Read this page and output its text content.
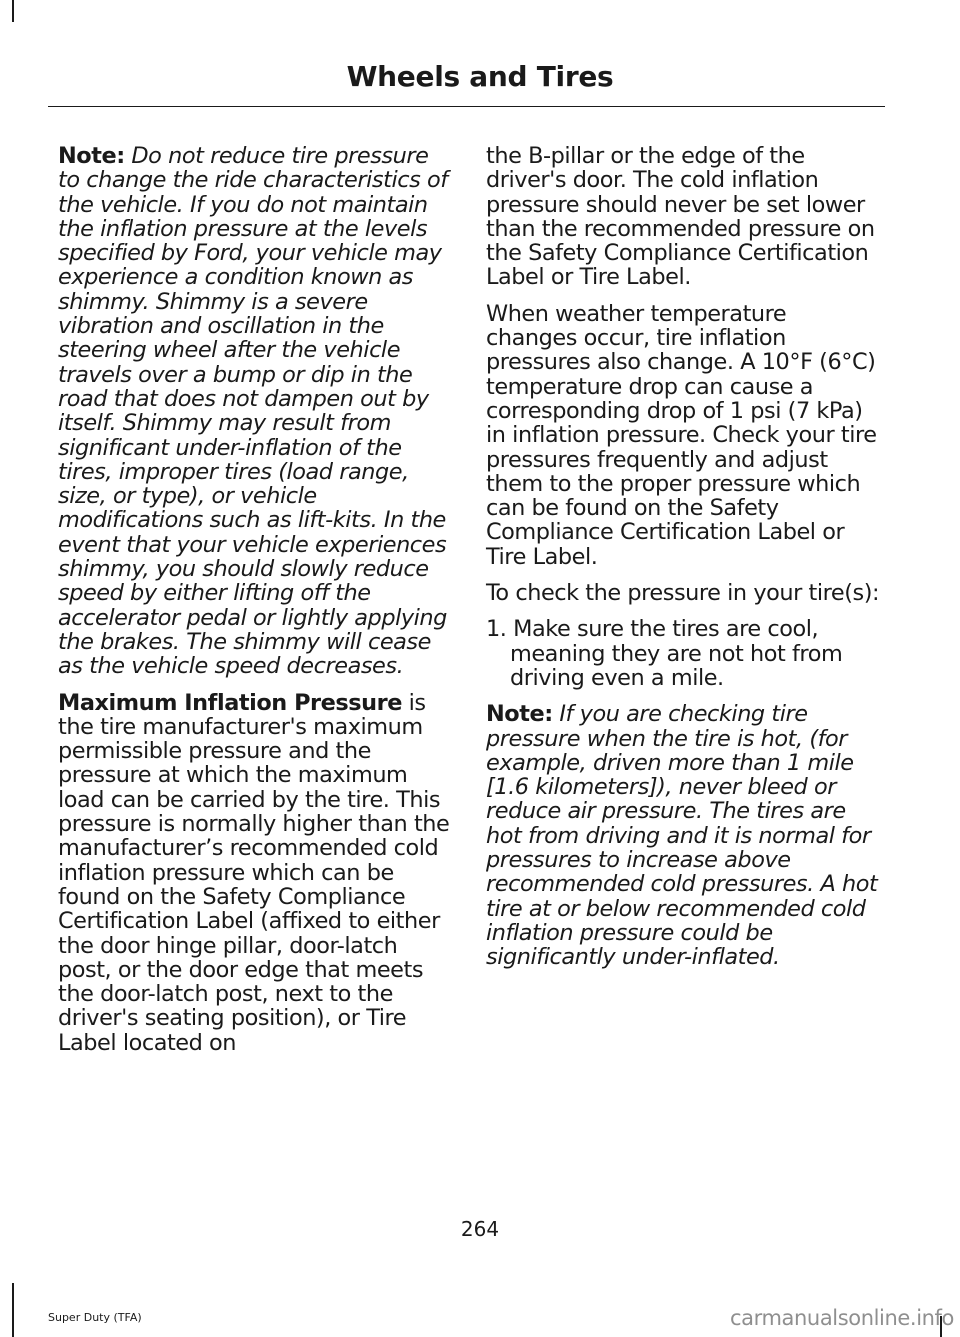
Wheels and Tires

Note: Do not reduce tire pressure to change the ride characteristics of the vehicle. If you do not maintain the inflation pressure at the levels specified by Ford, your vehicle may experience a condition known as shimmy. Shimmy is a severe vibration and oscillation in the steering wheel after the vehicle travels over a bump or dip in the road that does not dampen out by itself. Shimmy may result from significant under-inflation of the tires, improper tires (load range, size, or type), or vehicle modifications such as lift-kits. In the event that your vehicle experiences shimmy, you should slowly reduce speed by either lifting off the accelerator pedal or lightly applying the brakes. The shimmy will cease as the vehicle speed decreases.

Maximum Inflation Pressure is the tire manufacturer's maximum permissible pressure and the pressure at which the maximum load can be carried by the tire. This pressure is normally higher than the manufacturer’s recommended cold inflation pressure which can be found on the Safety Compliance Certification Label (affixed to either the door hinge pillar, door-latch post, or the door edge that meets the door-latch post, next to the driver's seating position), or Tire Label located on

the B-pillar or the edge of the driver's door. The cold inflation pressure should never be set lower than the recommended pressure on the Safety Compliance Certification Label or Tire Label.

When weather temperature changes occur, tire inflation pressures also change. A 10°F (6°C) temperature drop can cause a corresponding drop of 1 psi (7 kPa) in inflation pressure. Check your tire pressures frequently and adjust them to the proper pressure which can be found on the Safety Compliance Certification Label or Tire Label.

To check the pressure in your tire(s):

1. Make sure the tires are cool, meaning they are not hot from driving even a mile.

Note: If you are checking tire pressure when the tire is hot, (for example, driven more than 1 mile [1.6 kilometers]), never bleed or reduce air pressure. The tires are hot from driving and it is normal for pressures to increase above recommended cold pressures. A hot tire at or below recommended cold inflation pressure could be significantly under-inflated.

264

Super Duty (TFA)	carmanualsonline.info
